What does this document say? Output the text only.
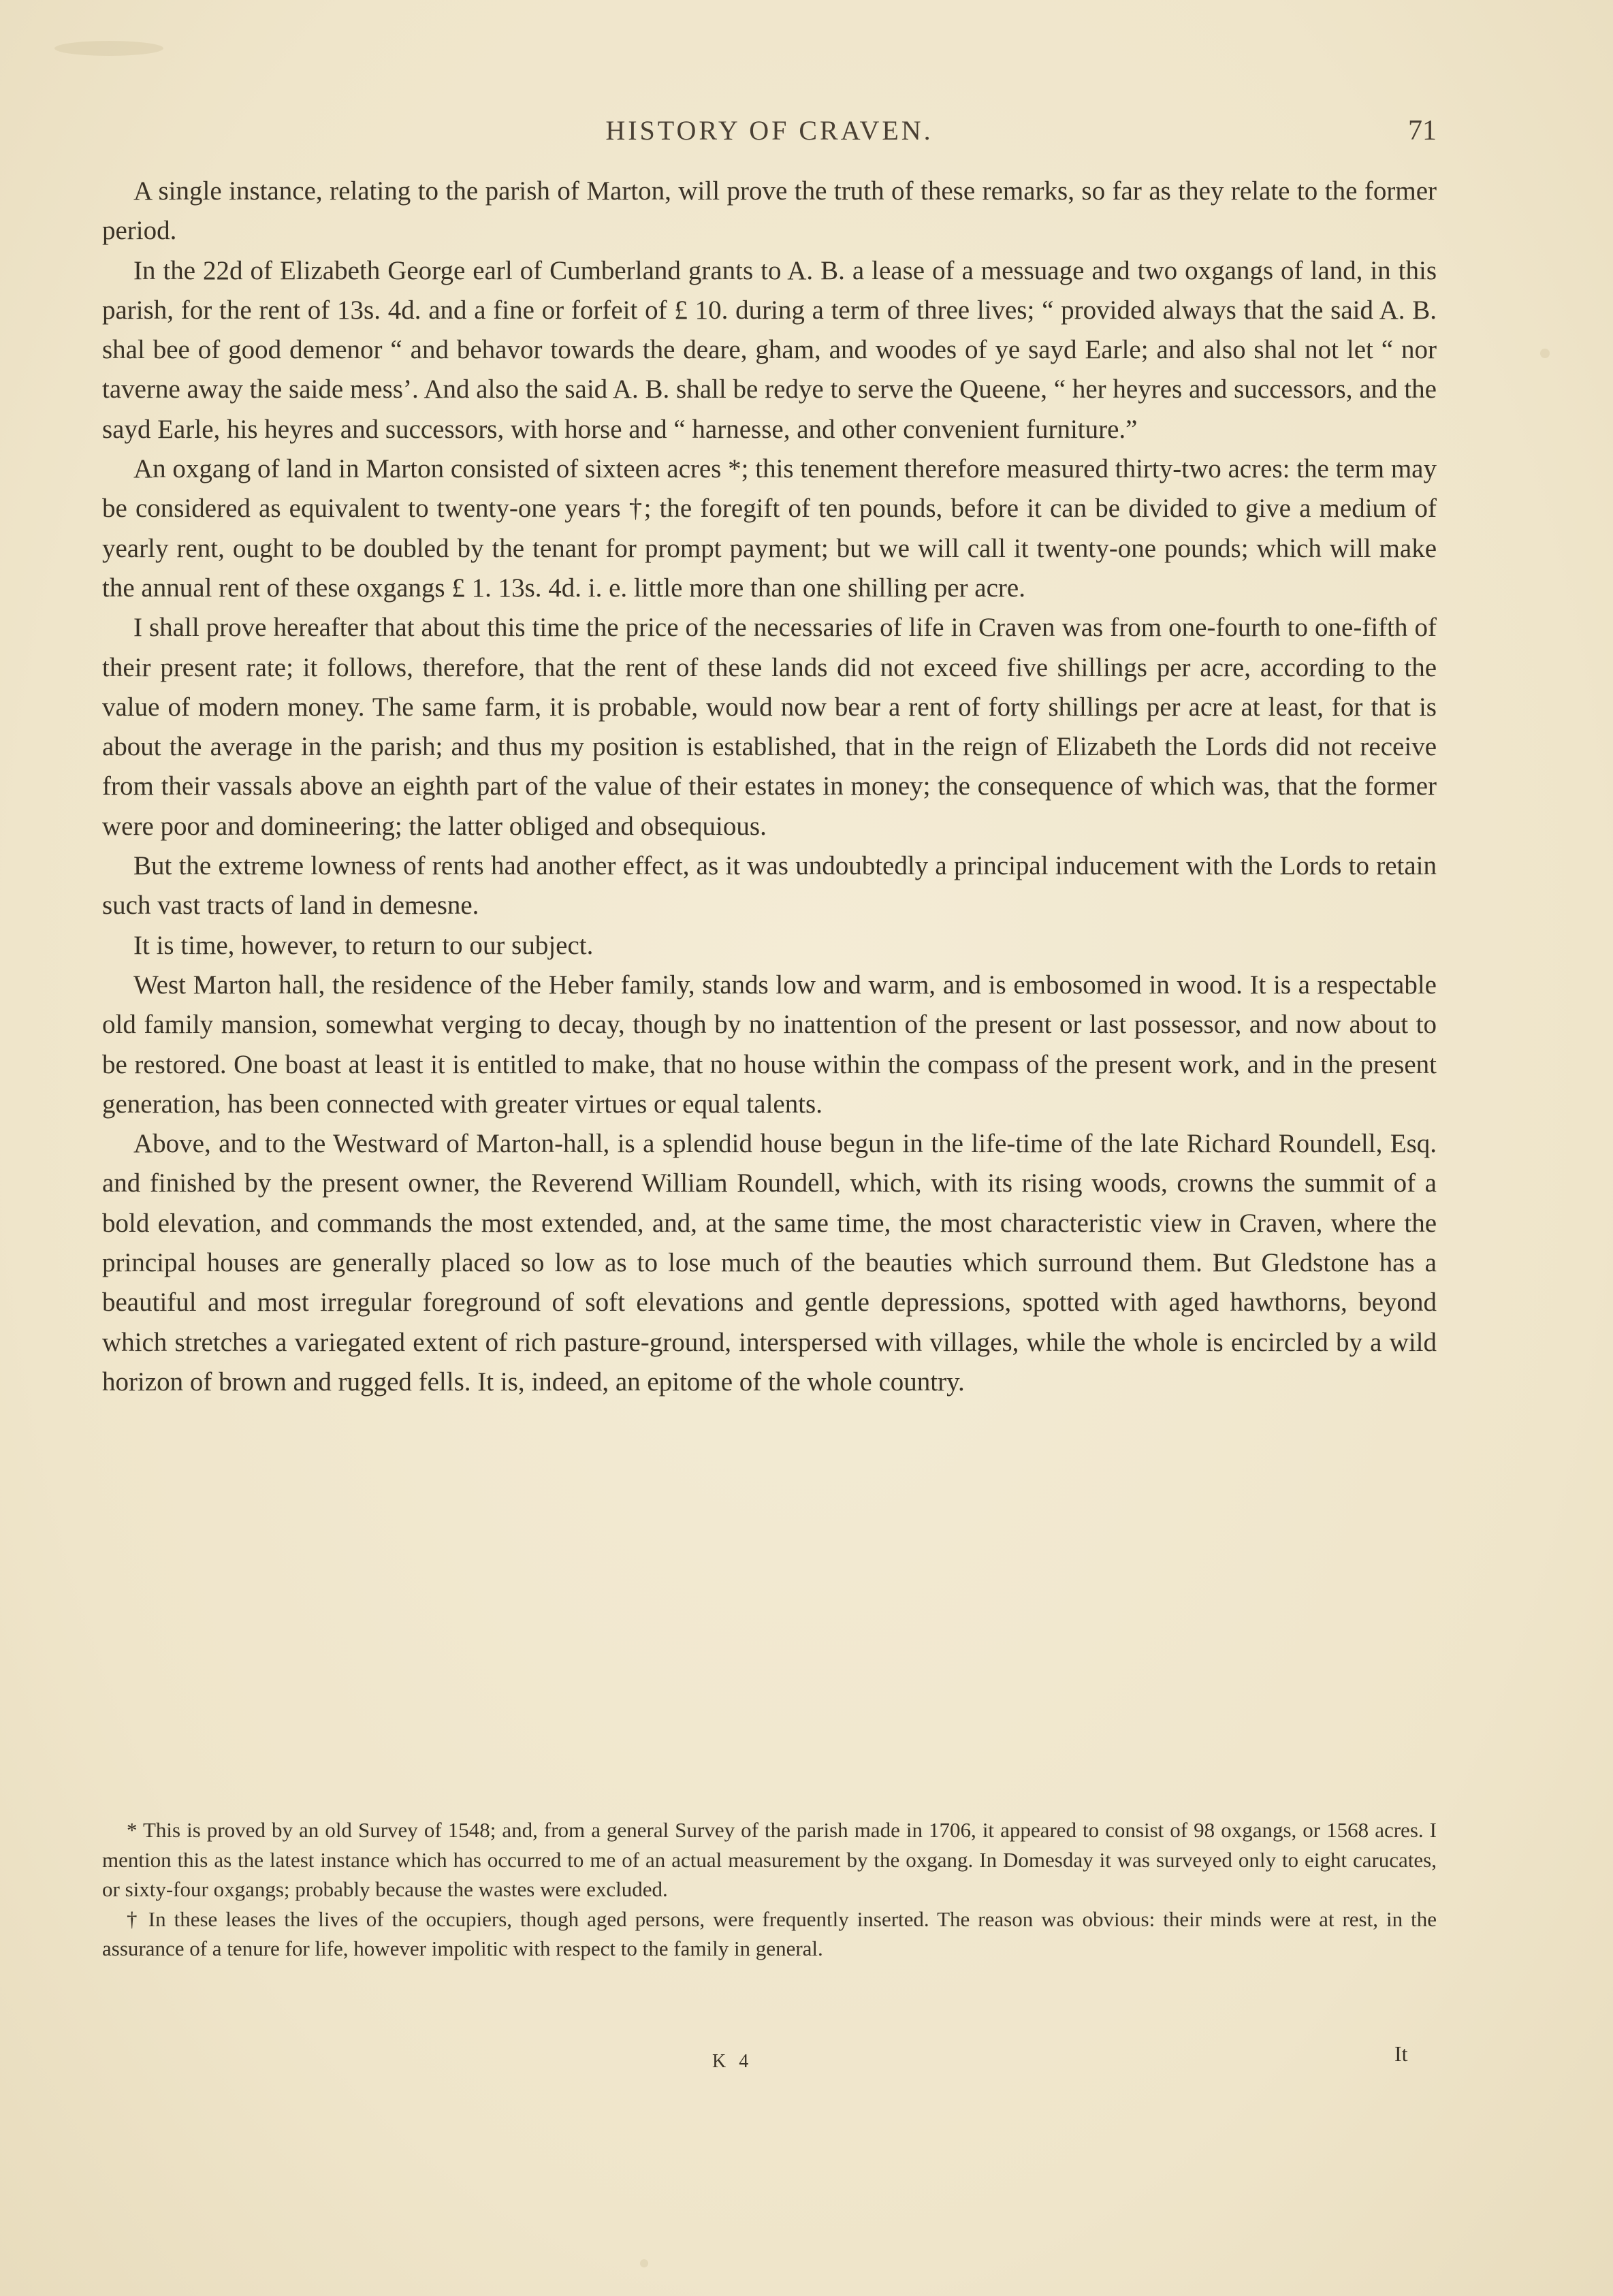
HISTORY OF CRAVEN.	71

A single instance, relating to the parish of Marton, will prove the truth of these remarks, so far as they relate to the former period.

In the 22d of Elizabeth George earl of Cumberland grants to A. B. a lease of a messuage and two oxgangs of land, in this parish, for the rent of 13s. 4d. and a fine or forfeit of £ 10. during a term of three lives; “ provided always that the said A. B. shal bee of good demenor “ and behavor towards the deare, gham, and woodes of ye sayd Earle; and also shal not let “ nor taverne away the saide mess’. And also the said A. B. shall be redye to serve the Queene, “ her heyres and successors, and the sayd Earle, his heyres and successors, with horse and “ harnesse, and other convenient furniture.”

An oxgang of land in Marton consisted of sixteen acres *; this tenement therefore measured thirty-two acres: the term may be considered as equivalent to twenty-one years †; the foregift of ten pounds, before it can be divided to give a medium of yearly rent, ought to be doubled by the tenant for prompt payment; but we will call it twenty-one pounds; which will make the annual rent of these oxgangs £ 1. 13s. 4d. i. e. little more than one shilling per acre.

I shall prove hereafter that about this time the price of the necessaries of life in Craven was from one-fourth to one-fifth of their present rate; it follows, therefore, that the rent of these lands did not exceed five shillings per acre, according to the value of modern money. The same farm, it is probable, would now bear a rent of forty shillings per acre at least, for that is about the average in the parish; and thus my position is established, that in the reign of Elizabeth the Lords did not receive from their vassals above an eighth part of the value of their estates in money; the consequence of which was, that the former were poor and domineering; the latter obliged and obsequious.

But the extreme lowness of rents had another effect, as it was undoubtedly a principal inducement with the Lords to retain such vast tracts of land in demesne.

It is time, however, to return to our subject.

West Marton hall, the residence of the Heber family, stands low and warm, and is embosomed in wood. It is a respectable old family mansion, somewhat verging to decay, though by no inattention of the present or last possessor, and now about to be restored. One boast at least it is entitled to make, that no house within the compass of the present work, and in the present generation, has been connected with greater virtues or equal talents.

Above, and to the Westward of Marton-hall, is a splendid house begun in the life-time of the late Richard Roundell, Esq. and finished by the present owner, the Reverend William Roundell, which, with its rising woods, crowns the summit of a bold elevation, and commands the most extended, and, at the same time, the most characteristic view in Craven, where the principal houses are generally placed so low as to lose much of the beauties which surround them. But Gledstone has a beautiful and most irregular foreground of soft elevations and gentle depressions, spotted with aged hawthorns, beyond which stretches a variegated extent of rich pasture-ground, interspersed with villages, while the whole is encircled by a wild horizon of brown and rugged fells. It is, indeed, an epitome of the whole country.

* This is proved by an old Survey of 1548; and, from a general Survey of the parish made in 1706, it appeared to consist of 98 oxgangs, or 1568 acres. I mention this as the latest instance which has occurred to me of an actual measurement by the oxgang. In Domesday it was surveyed only to eight carucates, or sixty-four oxgangs; probably because the wastes were excluded.

† In these leases the lives of the occupiers, though aged persons, were frequently inserted. The reason was obvious: their minds were at rest, in the assurance of a tenure for life, however impolitic with respect to the family in general.

K 4	It
